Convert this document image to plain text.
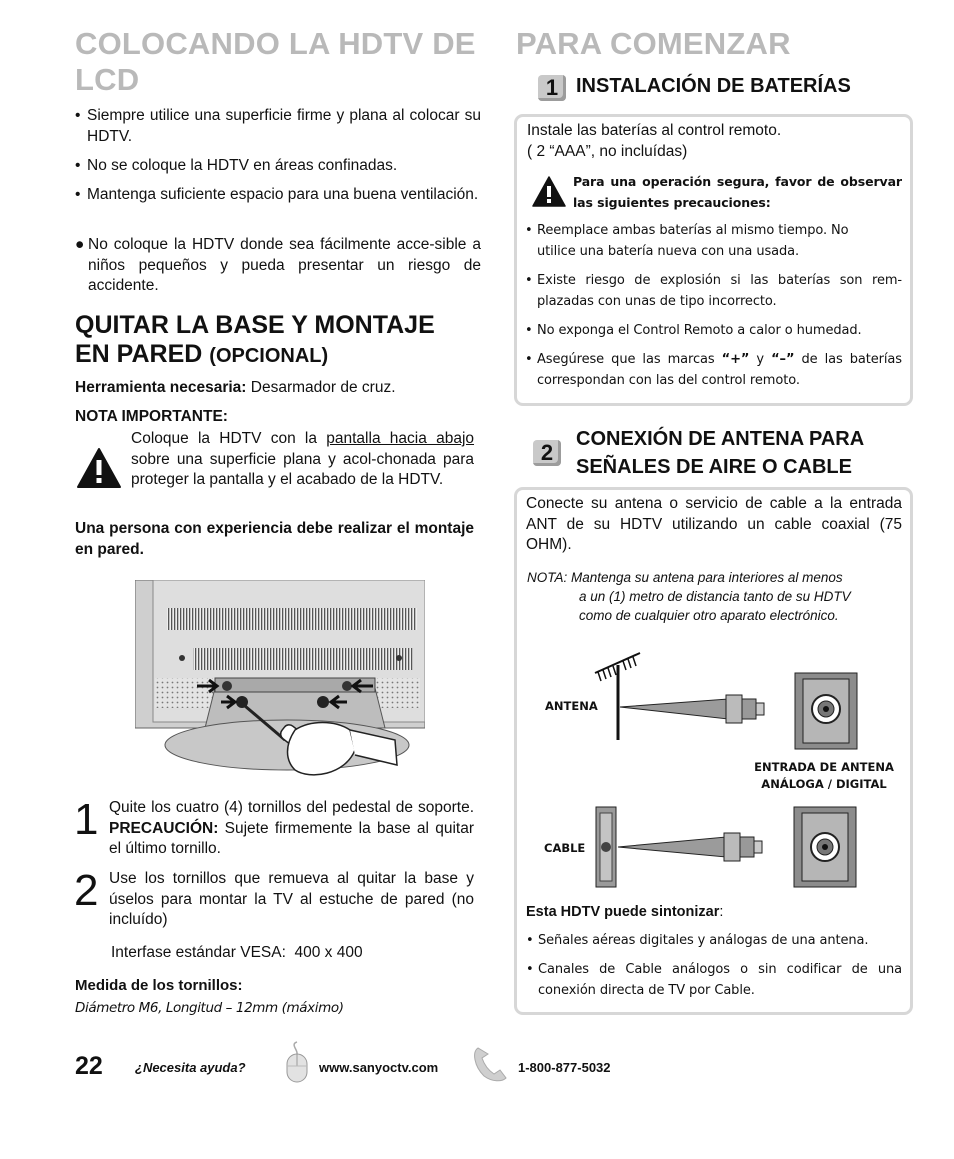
COLOCANDO LA HDTV DE
LCD
• Siempre utilice una superficie firme y plana al colocar su HDTV.
• No se coloque la HDTV en áreas confinadas.
• Mantenga suficiente espacio para una buena ventilación.
● No coloque la HDTV donde sea fácilmente acce-sible a niños pequeños y pueda presentar un riesgo de accidente.
QUITAR LA BASE Y MONTAJE
EN PARED (OPCIONAL)
Herramienta necesaria: Desarmador de cruz.
NOTA IMPORTANTE:
Coloque la HDTV con la pantalla hacia abajo sobre una superficie plana y acol-chonada para proteger la pantalla y el acabado de la HDTV.
Una persona con experiencia debe realizar el montaje en pared.
1 Quite los cuatro (4) tornillos del pedestal de soporte. PRECAUCIÓN: Sujete firmemente la base al quitar el último tornillo.
2 Use los tornillos que remueva al quitar la base y úselos para montar la TV al estuche de pared (no incluído)
Interfase estándar VESA:  400 x 400
Medida de los tornillos:
Diámetro M6, Longitud – 12mm (máximo)
PARA COMENZAR
1 INSTALACIÓN DE BATERÍAS
Instale las baterías al control remoto.
( 2 “AAA”, no incluídas)
Para una operación segura, favor de observar las siguientes precauciones:
• Reemplace ambas baterías al mismo tiempo. No utilice una batería nueva con una usada.
• Existe riesgo de explosión si las baterías son rem-plazadas con unas de tipo incorrecto.
• No exponga el Control Remoto a calor o humedad.
• Asegúrese que las marcas “+” y “–” de las baterías correspondan con las del control remoto.
2
CONEXIÓN DE ANTENA PARA
SEÑALES DE AIRE O CABLE
Conecte su antena o servicio de cable a la entrada ANT de su HDTV utilizando un cable coaxial (75 OHM).
NOTA: Mantenga su antena para interiores al menos
a un (1) metro de distancia tanto de su HDTV
como de cualquier otro aparato electrónico.
ANTENA
ENTRADA DE ANTENA
ANÁLOGA / DIGITAL
CABLE
Esta HDTV puede sintonizar:
• Señales aéreas digitales y análogas de una antena.
• Canales de Cable análogos o sin codificar de una conexión directa de TV por Cable.
22 ¿Necesita ayuda?	www.sanyoctv.com	1-800-877-5032
